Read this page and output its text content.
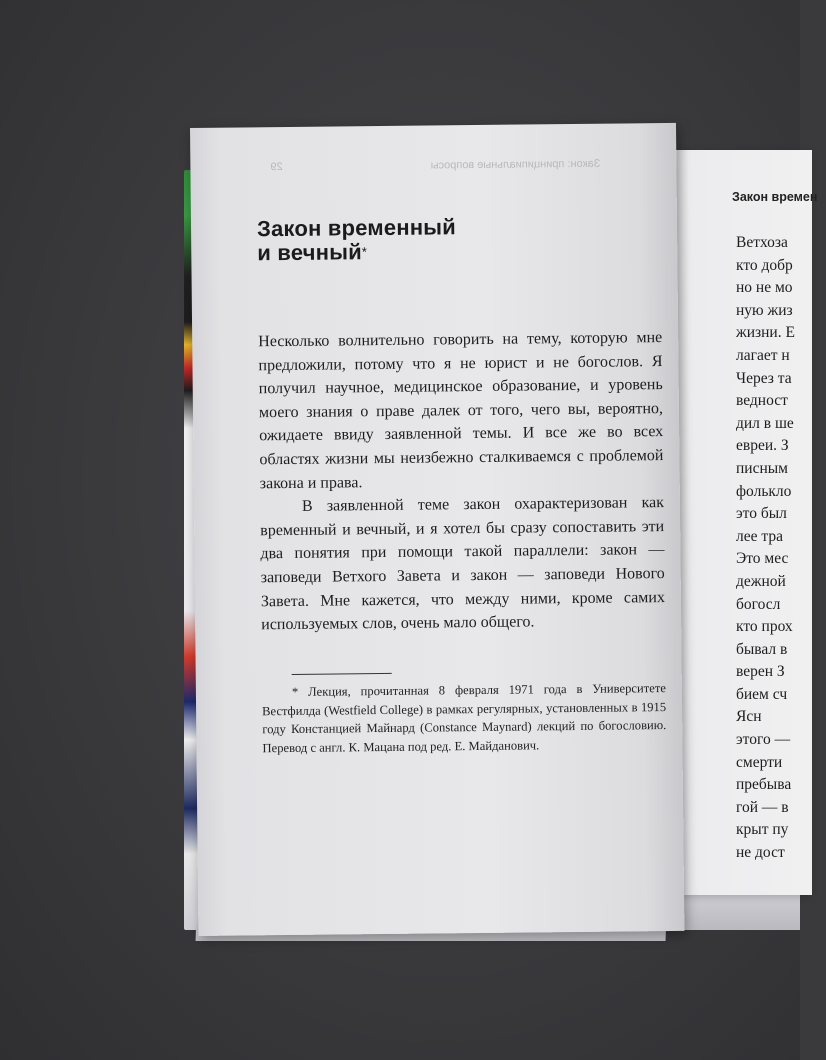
Закон времен
Ветхоза
кто добр
но не мо
ную жиз
жизни. Е
лагает н
Через та
ведност
дил в ше
евреи. З
писным
фолькло
это был
лее тра
Это мес
дежной
богосл
кто прох
бывал в
верен З
бием сч
Ясн
этого —
смерти
пребыва
гой — в
крыт пу
не дост
Закон: принципиальные вопросы
29
Закон временный
и вечный*

Несколько волнительно говорить на тему, которую мне предложили, потому что я не юрист и не богослов. Я получил научное, медицинское образование, и уровень моего знания о праве далек от того, чего вы, вероятно, ожидаете ввиду заявленной темы. И все же во всех областях жизни мы неизбежно сталкиваемся с проблемой закона и права.

В заявленной теме закон охарактеризован как временный и вечный, и я хотел бы сразу сопоставить эти два понятия при помощи такой параллели: закон — заповеди Ветхого Завета и закон — заповеди Нового Завета. Мне кажется, что между ними, кроме самих используемых слов, очень мало общего.

* Лекция, прочитанная 8 февраля 1971 года в Университете Вестфилда (Westfield College) в рамках регулярных, установленных в 1915 году Констанцией Майнард (Constance Maynard) лекций по богословию. Перевод с англ. К. Мацана под ред. Е. Майданович.
